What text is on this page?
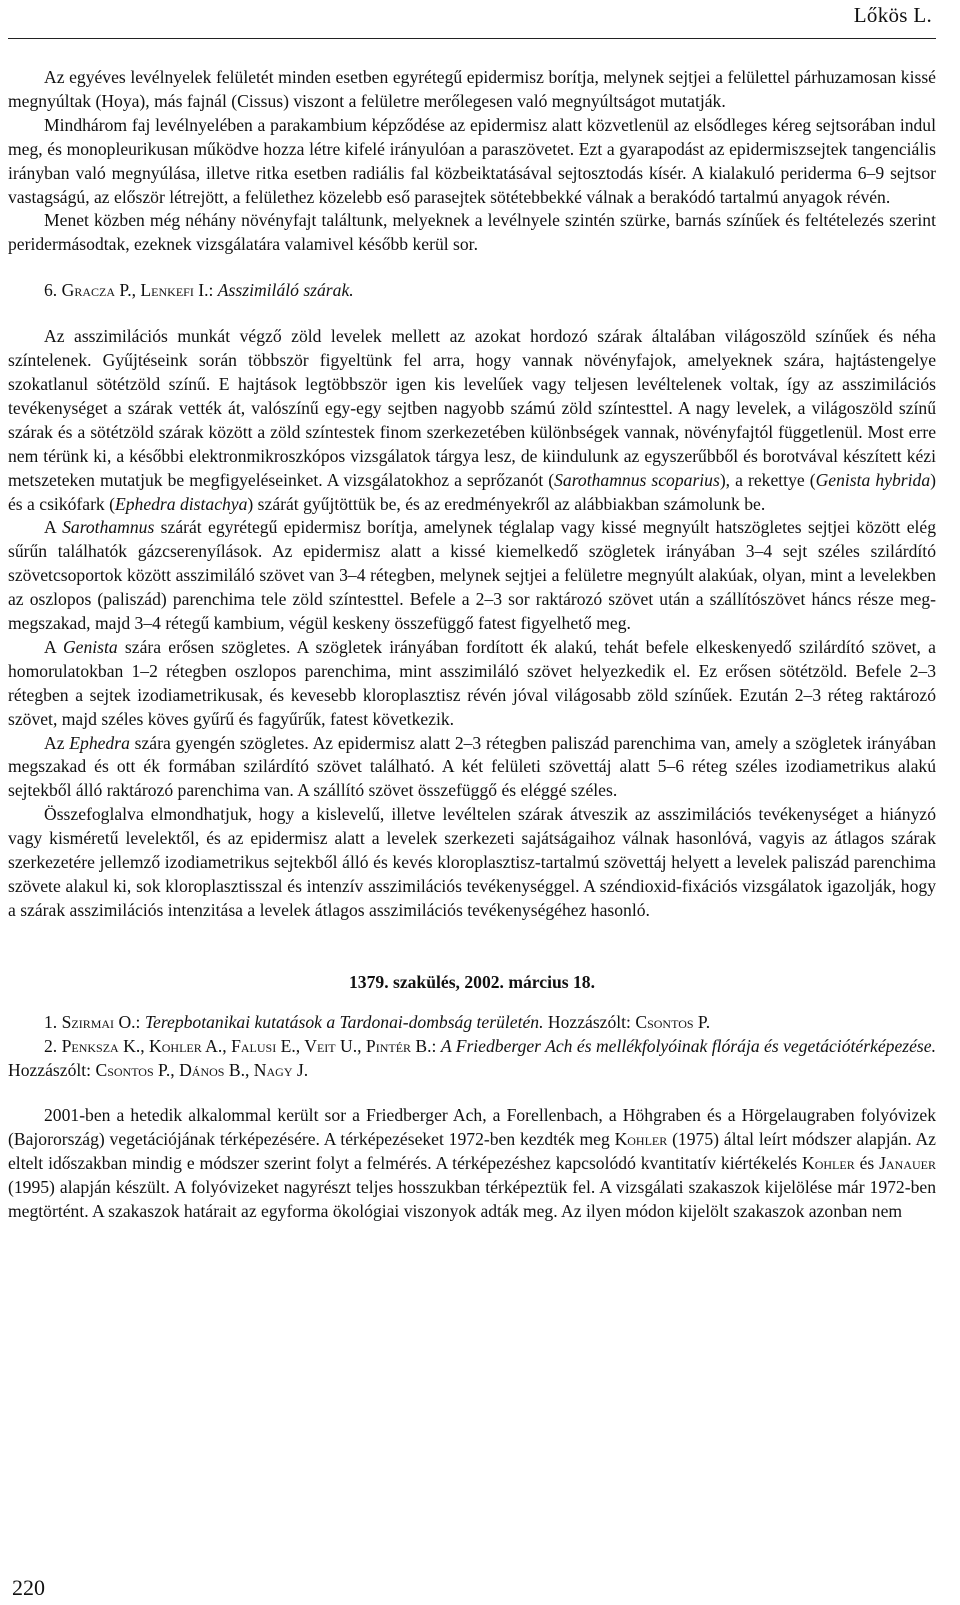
Lőkös L.

Az egyéves levélnyelek felületét minden esetben egyrétegű epidermisz borítja, melynek sejtjei a felülettel párhuzamosan kissé megnyúltak (Hoya), más fajnál (Cissus) viszont a felületre merőlegesen való megnyúltságot mutatják.

Mindhárom faj levélnyelében a parakambium képződése az epidermisz alatt közvetlenül az elsődleges kéreg sejtsorában indul meg, és monopleurikusan működve hozza létre kifelé irányulóan a paraszövetet. Ezt a gyarapodást az epidermiszsejtek tangenciális irányban való megnyúlása, illetve ritka esetben radiális fal közbeiktatásával sejtosztodás kísér. A kialakuló periderma 6–9 sejtsor vastagságú, az először létrejött, a felülethez közelebb eső parasejtek sötétebbekké válnak a berakódó tartalmú anyagok révén.

Menet közben még néhány növényfajt találtunk, melyeknek a levélnyele szintén szürke, barnás színűek és feltételezés szerint peridermásodtak, ezeknek vizsgálatára valamivel később kerül sor.

6. Gracza P., Lenkefi I.: Asszimiláló szárak.

Az asszimilációs munkát végző zöld levelek mellett az azokat hordozó szárak általában világoszöld színűek és néha színtelenek. Gyűjtéseink során többször figyeltünk fel arra, hogy vannak növényfajok, amelyeknek szára, hajtástengelye szokatlanul sötétzöld színű. E hajtások legtöbbször igen kis levelűek vagy teljesen levéltelenek voltak, így az asszimilációs tevékenységet a szárak vették át, valószínű egy-egy sejtben nagyobb számú zöld színtesttel. A nagy levelek, a világoszöld színű szárak és a sötétzöld szárak között a zöld színtestek finom szerkezetében különbségek vannak, növényfajtól függetlenül. Most erre nem térünk ki, a későbbi elektronmikroszkópos vizsgálatok tárgya lesz, de kiindulunk az egyszerűbből és borotvával készített kézi metszeteken mutatjuk be megfigyeléseinket. A vizsgálatokhoz a seprőzanót (Sarothamnus scoparius), a rekettye (Genista hybrida) és a csikófark (Ephedra distachya) szárát gyűjtöttük be, és az eredményekről az alábbiakban számolunk be.

A Sarothamnus szárát egyrétegű epidermisz borítja, amelynek téglalap vagy kissé megnyúlt hatszögletes sejtjei között elég sűrűn találhatók gázcserenyílások. Az epidermisz alatt a kissé kiemelkedő szögletek irányában 3–4 sejt széles szilárdító szövetcsoportok között asszimiláló szövet van 3–4 rétegben, melynek sejtjei a felületre megnyúlt alakúak, olyan, mint a levelekben az oszlopos (paliszád) parenchima tele zöld színtesttel. Befele a 2–3 sor raktározó szövet után a szállítószövet háncs része meg-megszakad, majd 3–4 rétegű kambium, végül keskeny összefüggő fatest figyelhető meg.

A Genista szára erősen szögletes. A szögletek irányában fordított ék alakú, tehát befele elkeskenyedő szilárdító szövet, a homorulatokban 1–2 rétegben oszlopos parenchima, mint asszimiláló szövet helyezkedik el. Ez erősen sötétzöld. Befele 2–3 rétegben a sejtek izodiametrikusak, és kevesebb kloroplasztisz révén jóval világosabb zöld színűek. Ezután 2–3 réteg raktározó szövet, majd széles köves gyűrű és fagyűrűk, fatest következik.

Az Ephedra szára gyengén szögletes. Az epidermisz alatt 2–3 rétegben paliszád parenchima van, amely a szögletek irányában megszakad és ott ék formában szilárdító szövet található. A két felületi szövettáj alatt 5–6 réteg széles izodiametrikus alakú sejtekből álló raktározó parenchima van. A szállító szövet összefüggő és eléggé széles.

Összefoglalva elmondhatjuk, hogy a kislevelű, illetve levéltelen szárak átveszik az asszimilációs tevékenységet a hiányzó vagy kisméretű levelektől, és az epidermisz alatt a levelek szerkezeti sajátságaihoz válnak hasonlóvá, vagyis az átlagos szárak szerkezetére jellemző izodiametrikus sejtekből álló és kevés kloroplasztisz-tartalmú szövettáj helyett a levelek paliszád parenchima szövete alakul ki, sok kloroplasztisszal és intenzív asszimilációs tevékenységgel. A széndioxid-fixációs vizsgálatok igazolják, hogy a szárak asszimilációs intenzitása a levelek átlagos asszimilációs tevékenységéhez hasonló.

1379. szakülés, 2002. március 18.

1. Szirmai O.: Terepbotanikai kutatások a Tardonai-dombság területén. Hozzászólt: Csontos P.

2. Penksza K., Kohler A., Falusi E., Veit U., Pintér B.: A Friedberger Ach és mellékfolyóinak flórája és vegetációtérképezése. Hozzászólt: Csontos P., Dános B., Nagy J.

2001-ben a hetedik alkalommal került sor a Friedberger Ach, a Forellenbach, a Höhgraben és a Hörgelaugraben folyóvizek (Bajorország) vegetációjának térképezésére. A térképezéseket 1972-ben kezdték meg Kohler (1975) által leírt módszer alapján. Az eltelt időszakban mindig e módszer szerint folyt a felmérés. A térképezéshez kapcsolódó kvantitatív kiértékelés Kohler és Janauer (1995) alapján készült. A folyóvizeket nagyrészt teljes hosszukban térképeztük fel. A vizsgálati szakaszok kijelölése már 1972-ben megtörtént. A szakaszok határait az egyforma ökológiai viszonyok adták meg. Az ilyen módon kijelölt szakaszok azonban nem

220
